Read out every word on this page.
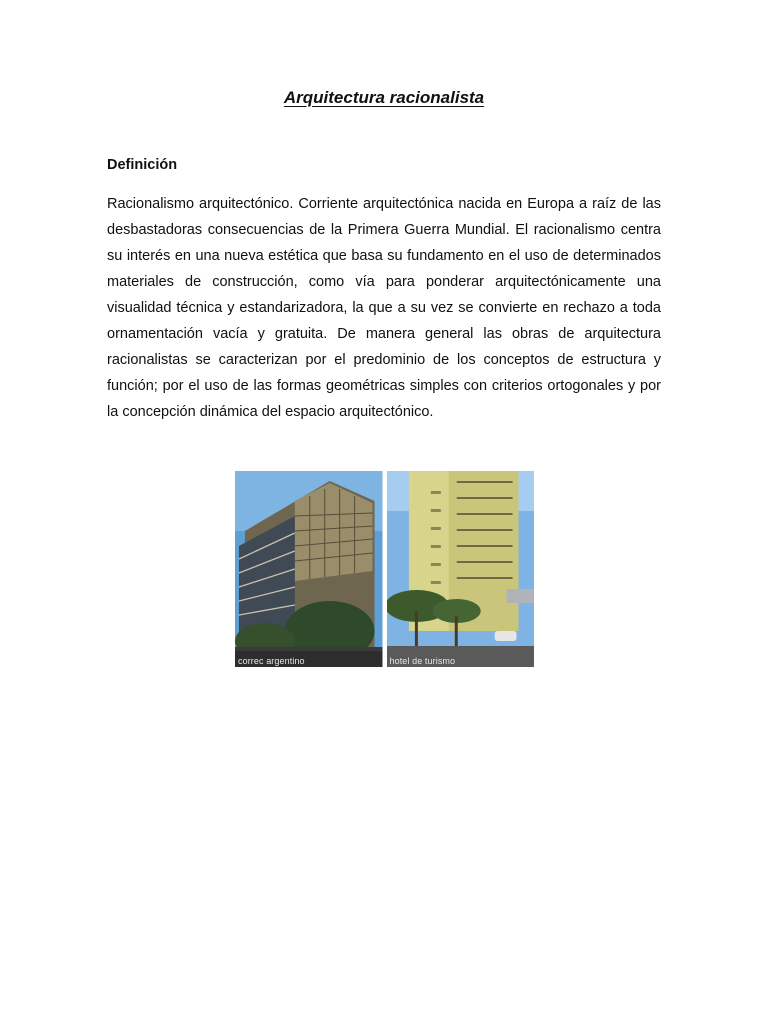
Arquitectura racionalista
Definición

Racionalismo arquitectónico. Corriente arquitectónica nacida en Europa a raíz de las desbastadoras consecuencias de la Primera Guerra Mundial. El racionalismo centra su interés en una nueva estética que basa su fundamento en el uso de determinados materiales de construcción, como vía para ponderar arquitectónicamente una visualidad técnica y estandarizadora, la que a su vez se convierte en rechazo a toda ornamentación vacía y gratuita. De manera general las obras de arquitectura racionalistas se caracterizan por el predominio de los conceptos de estructura y función; por el uso de las formas geométricas simples con criterios ortogonales y por la concepción dinámica del espacio arquitectónico.

correc argentino	hotel de turismo
